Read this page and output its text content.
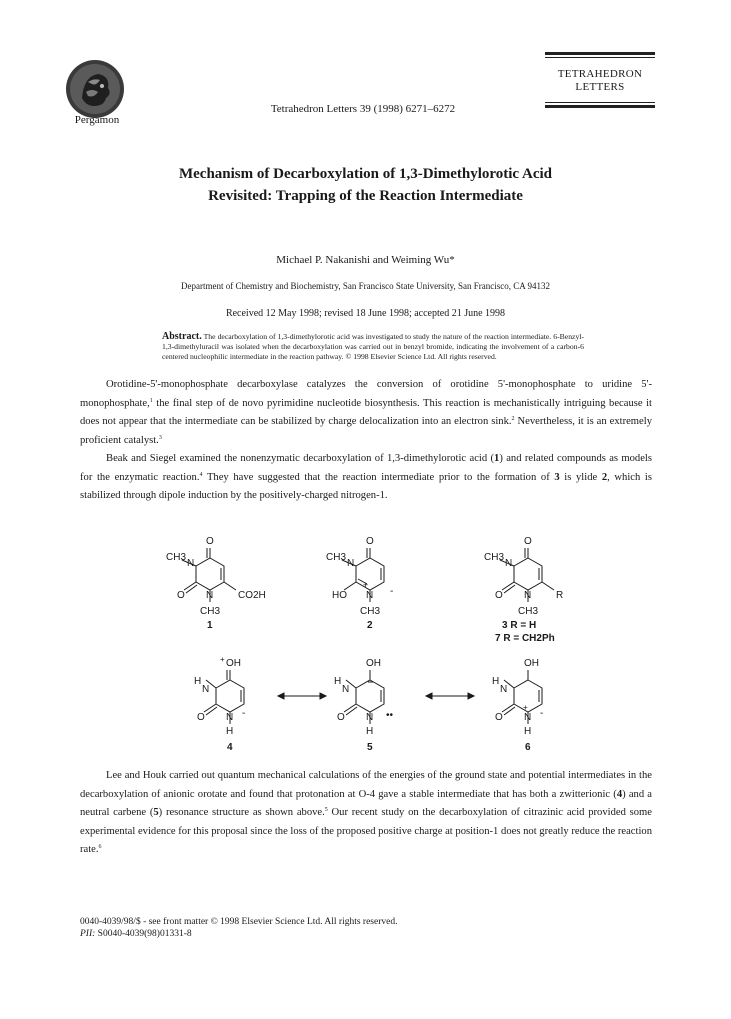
Pergamon
Tetrahedron Letters 39 (1998) 6271–6272
TETRAHEDRON
LETTERS
Mechanism of Decarboxylation of 1,3-Dimethylorotic Acid
Revisited: Trapping of the Reaction Intermediate
Michael P. Nakanishi and Weiming Wu*
Department of Chemistry and Biochemistry, San Francisco State University, San Francisco, CA 94132
Received 12 May 1998; revised 18 June 1998; accepted 21 June 1998
Abstract. The decarboxylation of 1,3-dimethylorotic acid was investigated to study the nature of the reaction intermediate. 6-Benzyl-1,3-dimethyluracil was isolated when the decarboxylation was carried out in benzyl bromide, indicating the involvement of a carbon-6 centered nucleophilic intermediate in the reaction pathway. © 1998 Elsevier Science Ltd. All rights reserved.

Orotidine-5'-monophosphate decarboxylase catalyzes the conversion of orotidine 5'-monophosphate to uridine 5'-monophosphate,$^1$ the final step of de novo pyrimidine nucleotide biosynthesis. This reaction is mechanistically intriguing because it does not appear that the intermediate can be stabilized by charge delocalization into an electron sink.$^2$ Nevertheless, it is an extremely proficient catalyst.$^3$

Beak and Siegel examined the nonenzymatic decarboxylation of 1,3-dimethylorotic acid (1) and related compounds as models for the enzymatic reaction.$^4$ They have suggested that the reaction intermediate prior to the formation of 3 is ylide 2, which is stabilized through dipole induction by the positively-charged nitrogen-1.

O
CH3
N
O N CO2H
CH3
1
O
CH3
N
HO N
+
-
CH3
2
O
CH3
N
O N R
CH3
3 R = H
7 R = CH2Ph
OH
+
H
N
O N -
H
4
OH
H
N
O N ••
H
5
OH
H
N
O N
+
-
H
6

Lee and Houk carried out quantum mechanical calculations of the energies of the ground state and potential intermediates in the decarboxylation of anionic orotate and found that protonation at O-4 gave a stable intermediate that has both a zwitterionic (4) and a neutral carbene (5) resonance structure as shown above.$^5$ Our recent study on the decarboxylation of citrazinic acid provided some experimental evidence for this proposal since the loss of the proposed positive charge at position-1 does not greatly reduce the reaction rate.$^6$

0040-4039/98/$ - see front matter © 1998 Elsevier Science Ltd. All rights reserved.
PII: S0040-4039(98)01331-8
